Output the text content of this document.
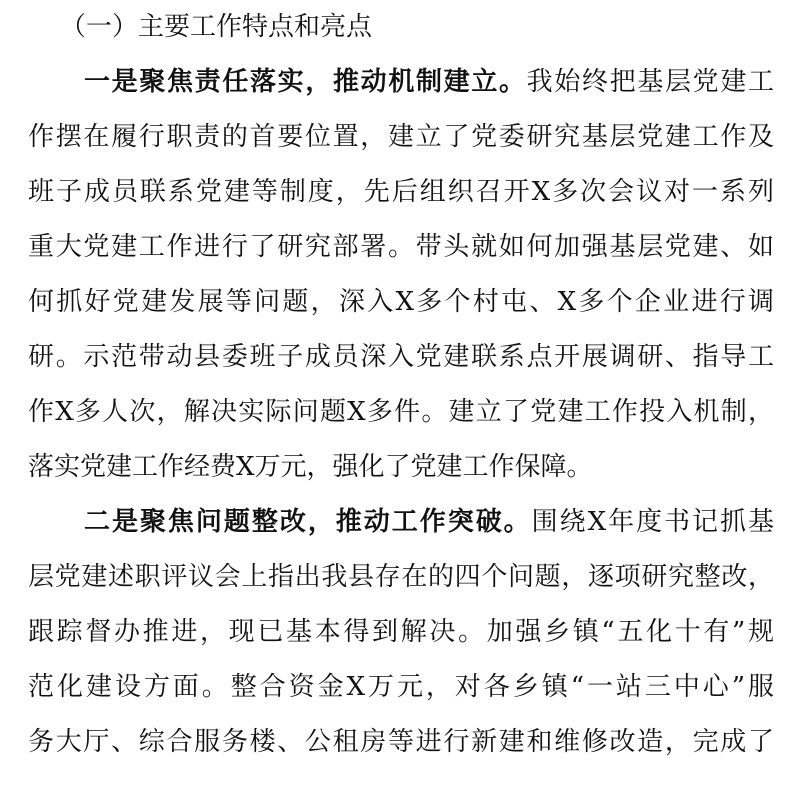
（一）主要工作特点和亮点
一是聚焦责任落实，推动机制建立。我始终把基层党建工
作摆在履行职责的首要位置，建立了党委研究基层党建工作及
班子成员联系党建等制度，先后组织召开X多次会议对一系列
重大党建工作进行了研究部署。带头就如何加强基层党建、如
何抓好党建发展等问题，深入X多个村屯、X多个企业进行调
研。示范带动县委班子成员深入党建联系点开展调研、指导工
作X多人次，解决实际问题X多件。建立了党建工作投入机制，
落实党建工作经费X万元，强化了党建工作保障。
二是聚焦问题整改，推动工作突破。围绕X年度书记抓基
层党建述职评议会上指出我县存在的四个问题，逐项研究整改，
跟踪督办推进，现已基本得到解决。加强乡镇“五化十有”规
范化建设方面。整合资金X万元，对各乡镇“一站三中心”服
务大厅、综合服务楼、公租房等进行新建和维修改造，完成了
